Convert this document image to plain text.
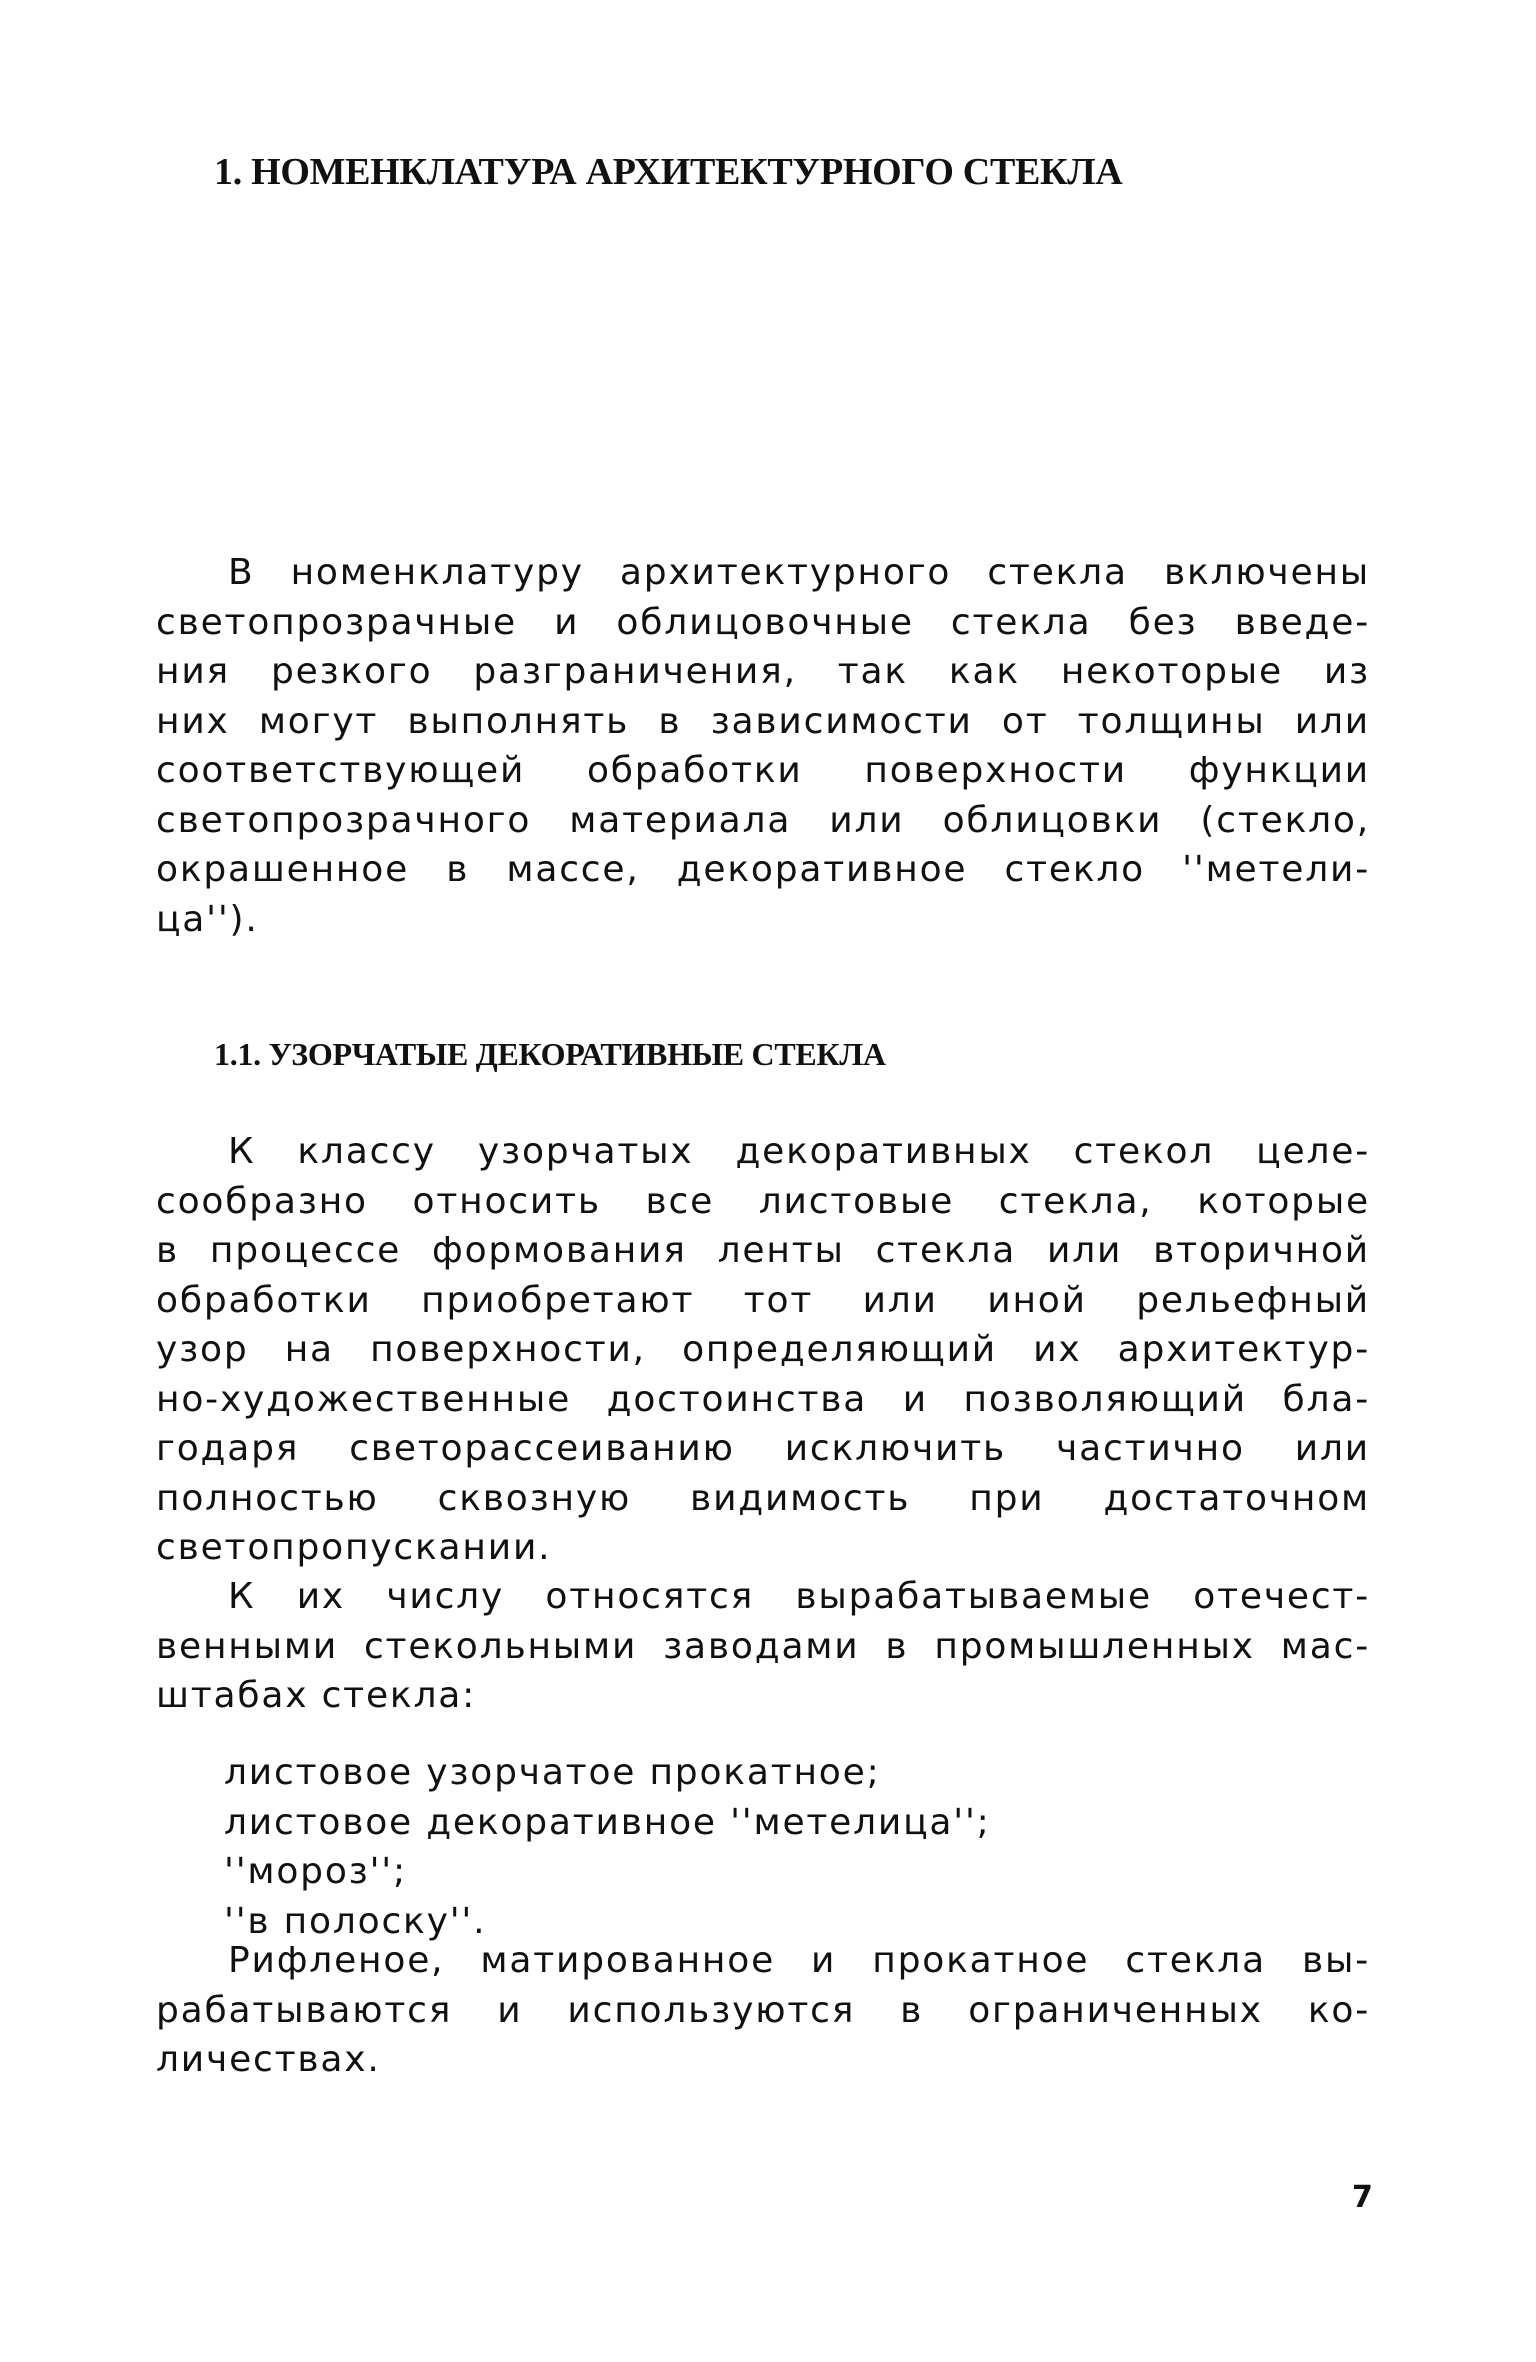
1. НОМЕНКЛАТУРА АРХИТЕКТУРНОГО СТЕКЛА

В номенклатуру архитектурного стекла включены
светопрозрачные и облицовочные стекла без введе-
ния резкого разграничения, так как некоторые из
них могут выполнять в зависимости от толщины или
соответствующей обработки поверхности функции
светопрозрачного материала или облицовки (стекло,
окрашенное в массе, декоративное стекло ''метели-
ца'').

1.1. УЗОРЧАТЫЕ ДЕКОРАТИВНЫЕ СТЕКЛА

К классу узорчатых декоративных стекол целе-
сообразно относить все листовые стекла, которые
в процессе формования ленты стекла или вторичной
обработки приобретают тот или иной рельефный
узор на поверхности, определяющий их архитектур-
но-художественные достоинства и позволяющий бла-
годаря светорассеиванию исключить частично или
полностью сквозную видимость при достаточном
светопропускании.

К их числу относятся вырабатываемые отечест-
венными стекольными заводами в промышленных мас-
штабах стекла:

листовое узорчатое прокатное;
листовое декоративное ''метелица'';
''мороз'';
''в полоску''.

Рифленое, матированное и прокатное стекла вы-
рабатываются и используются в ограниченных ко-
личествах.

7
